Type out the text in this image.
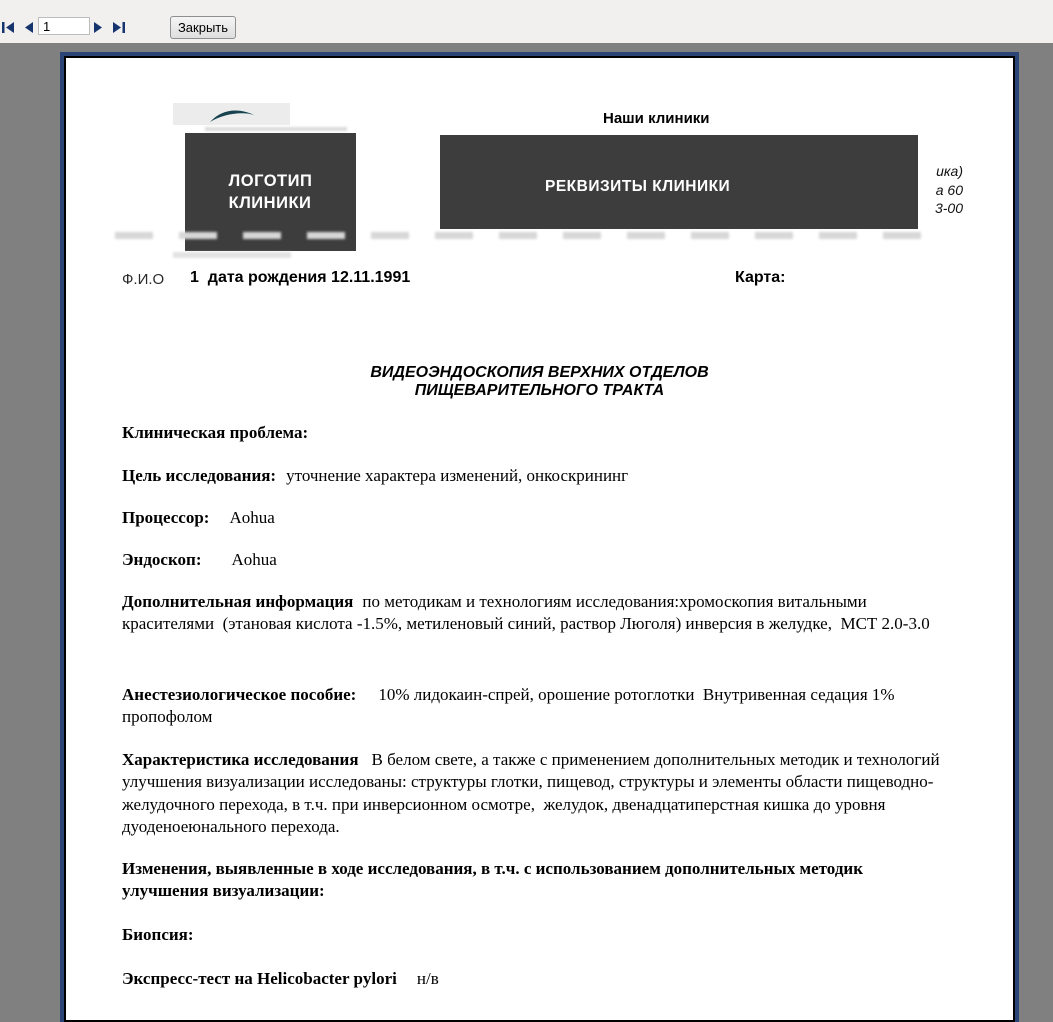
1
Закрыть
Наши клиники
ЛОГОТИП
КЛИНИКИ
РЕКВИЗИТЫ КЛИНИКИ
ика)
а 60
3-00
Ф.И.О 1  дата рождения 12.11.1991	Карта:
ВИДЕОЭНДОСКОПИЯ ВЕРХНИХ ОТДЕЛОВ
ПИЩЕВАРИТЕЛЬНОГО ТРАКТА
Клиническая проблема:
Цель исследования: уточнение характера изменений, онкоскрининг
Процессор: Aohua
Эндоскоп: Aohua
Дополнительная информация по методикам и технологиям исследования:хромоскопия витальными красителями  (этановая кислота -1.5%, метиленовый синий, раствор Люголя) инверсия в желудке,  МСТ 2.0-3.0
Анестезиологическое пособие: 10% лидокаин-спрей, орошение ротоглотки  Внутривенная седация 1% пропофолом
Характеристика исследования В белом свете, а также с применением дополнительных методик и технологий улучшения визуализации исследованы: структуры глотки, пищевод, структуры и элементы области пищеводно-желудочного перехода, в т.ч. при инверсионном осмотре,  желудок, двенадцатиперстная кишка до уровня дуоденоеюнального перехода.
Изменения, выявленные в ходе исследования, в т.ч. с использованием дополнительных методик улучшения визуализации:
Биопсия:
Экспресс-тест на Helicobacter pylori н/в
